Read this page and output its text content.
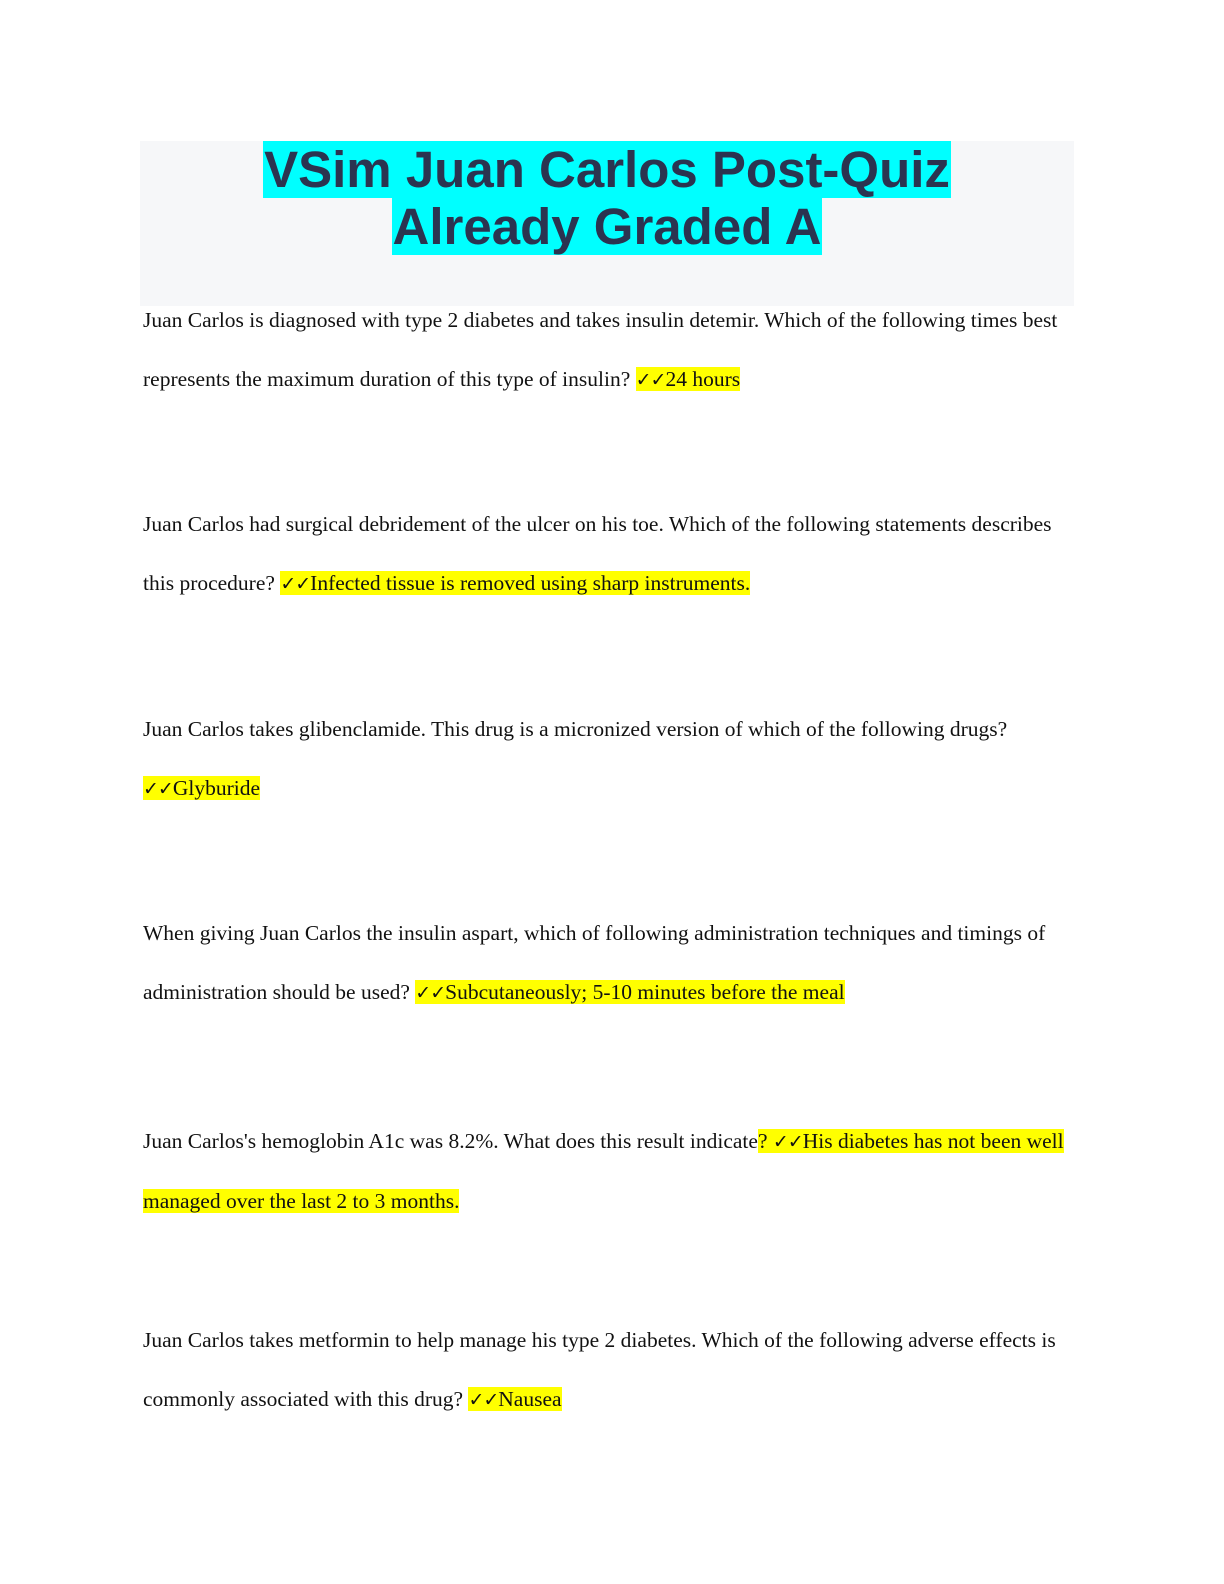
VSim Juan Carlos Post-Quiz Already Graded A
Juan Carlos is diagnosed with type 2 diabetes and takes insulin detemir. Which of the following times best represents the maximum duration of this type of insulin? ✓✓24 hours
Juan Carlos had surgical debridement of the ulcer on his toe. Which of the following statements describes this procedure? ✓✓Infected tissue is removed using sharp instruments.
Juan Carlos takes glibenclamide. This drug is a micronized version of which of the following drugs? ✓✓Glyburide
When giving Juan Carlos the insulin aspart, which of following administration techniques and timings of administration should be used? ✓✓Subcutaneously; 5-10 minutes before the meal
Juan Carlos's hemoglobin A1c was 8.2%. What does this result indicate? ✓✓His diabetes has not been well managed over the last 2 to 3 months.
Juan Carlos takes metformin to help manage his type 2 diabetes. Which of the following adverse effects is commonly associated with this drug? ✓✓Nausea
